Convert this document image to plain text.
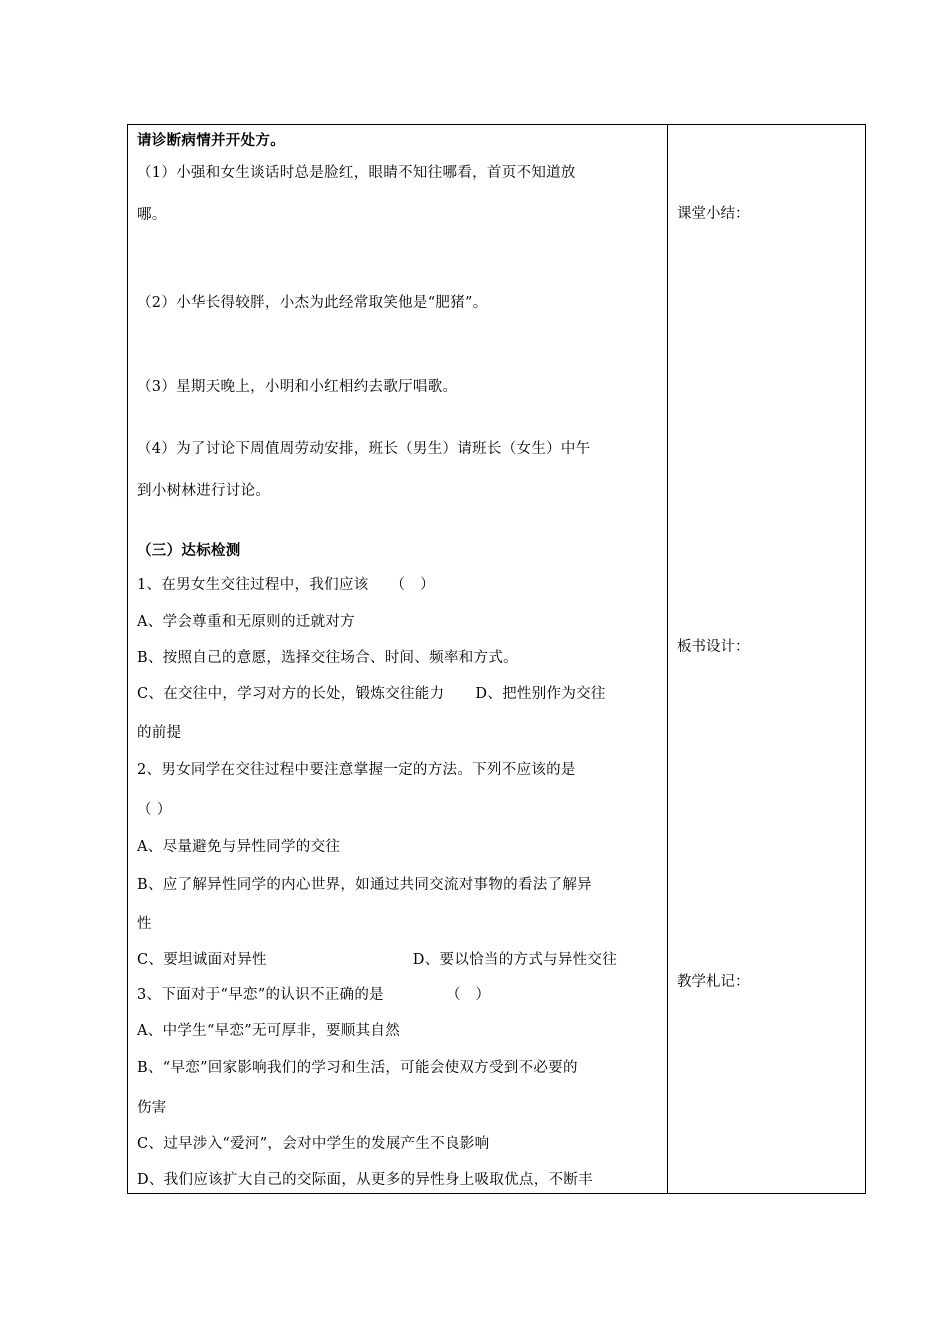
请诊断病情并开处方。
（1）小强和女生谈话时总是脸红，眼睛不知往哪看，首页不知道放
哪。
（2）小华长得较胖，小杰为此经常取笑他是“肥猪”。
（3）星期天晚上，小明和小红相约去歌厅唱歌。
（4）为了讨论下周值周劳动安排，班长（男生）请班长（女生）中午
到小树林进行讨论。
（三）达标检测
1、在男女生交往过程中，我们应该 （　）
A、学会尊重和无原则的迁就对方
B、按照自己的意愿，选择交往场合、时间、频率和方式。
C、在交往中，学习对方的长处，锻炼交往能力 D、把性别作为交往
的前提
2、男女同学在交往过程中要注意掌握一定的方法。下列不应该的是
（ ）
A、尽量避免与异性同学的交往
B、应了解异性同学的内心世界，如通过共同交流对事物的看法了解异
性
C、要坦诚面对异性	D、要以恰当的方式与异性交往
3、下面对于“早恋”的认识不正确的是	（　）
A、中学生“早恋”无可厚非，要顺其自然
B、“早恋”回家影响我们的学习和生活，可能会使双方受到不必要的
伤害
C、过早涉入“爱河”，会对中学生的发展产生不良影响
D、我们应该扩大自己的交际面，从更多的异性身上吸取优点，不断丰
课堂小结：
板书设计：
教学札记：
